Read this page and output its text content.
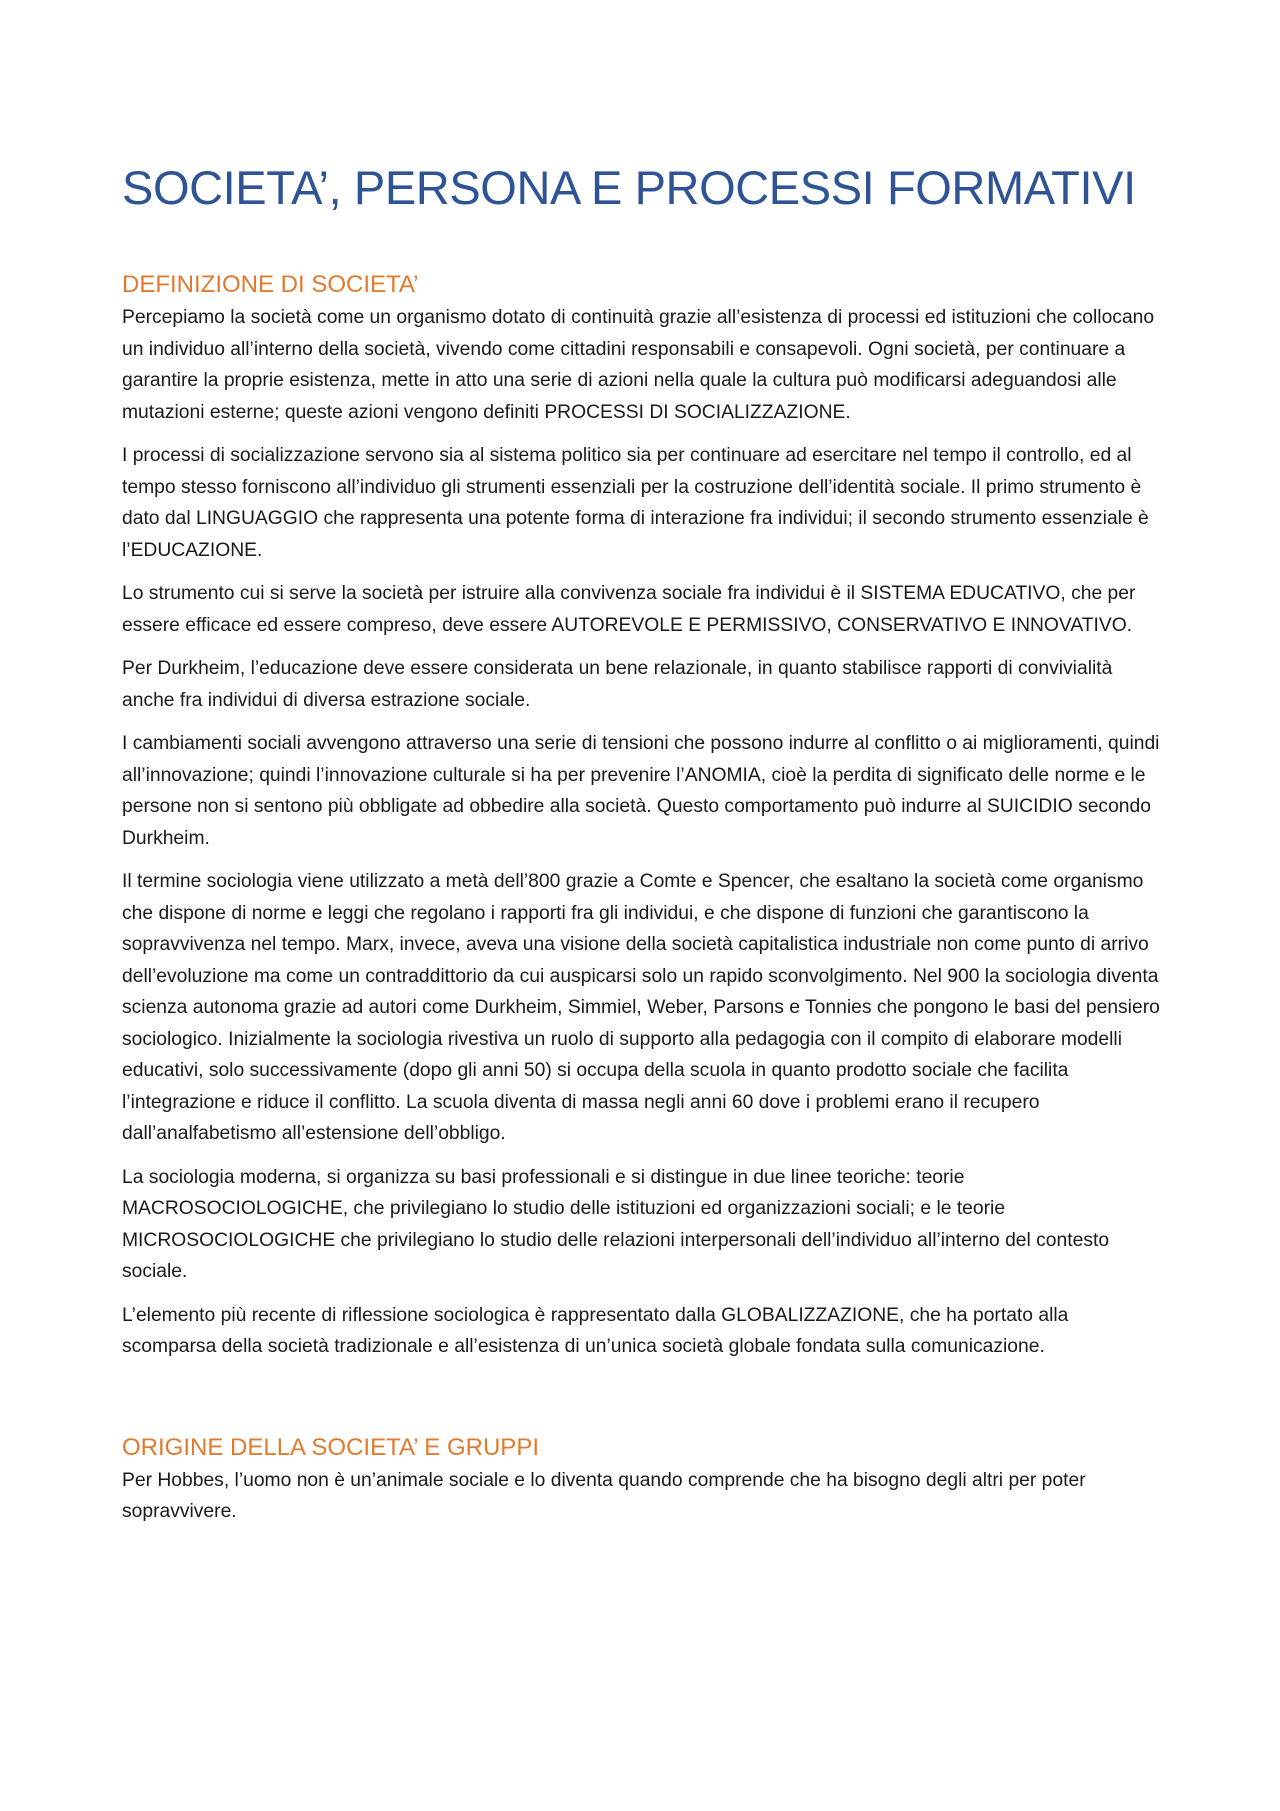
SOCIETA’, PERSONA E PROCESSI FORMATIVI
DEFINIZIONE DI SOCIETA’

Percepiamo la società come un organismo dotato di continuità grazie all’esistenza di processi ed istituzioni che collocano un individuo all’interno della società, vivendo come cittadini responsabili e consapevoli. Ogni società, per continuare a garantire la proprie esistenza, mette in atto una serie di azioni nella quale la cultura può modificarsi adeguandosi alle mutazioni esterne; queste azioni vengono definiti PROCESSI DI SOCIALIZZAZIONE.

I processi di socializzazione servono sia al sistema politico sia per continuare ad esercitare nel tempo il controllo, ed al tempo stesso forniscono all’individuo gli strumenti essenziali per la costruzione dell’identità sociale. Il primo strumento è dato dal LINGUAGGIO che rappresenta una potente forma di interazione fra individui; il secondo strumento essenziale è l’EDUCAZIONE.

Lo strumento cui si serve la società per istruire alla convivenza sociale fra individui è il SISTEMA EDUCATIVO, che per essere efficace ed essere compreso, deve essere AUTOREVOLE E PERMISSIVO, CONSERVATIVO E INNOVATIVO.

Per Durkheim, l’educazione deve essere considerata un bene relazionale, in quanto stabilisce rapporti di convivialità anche fra individui di diversa estrazione sociale.

I cambiamenti sociali avvengono attraverso una serie di tensioni che possono indurre al conflitto o ai miglioramenti, quindi all’innovazione; quindi l’innovazione culturale si ha per prevenire l’ANOMIA, cioè la perdita di significato delle norme e le persone non si sentono più obbligate ad obbedire alla società. Questo comportamento può indurre al SUICIDIO secondo Durkheim.

Il termine sociologia viene utilizzato a metà dell’800 grazie a Comte e Spencer, che esaltano la società come organismo che dispone di norme e leggi che regolano i rapporti fra gli individui, e che dispone di funzioni che garantiscono la sopravvivenza nel tempo. Marx, invece, aveva una visione della società capitalistica industriale non come punto di arrivo dell’evoluzione ma come un contraddittorio da cui auspicarsi solo un rapido sconvolgimento. Nel 900 la sociologia diventa scienza autonoma grazie ad autori come Durkheim, Simmiel, Weber, Parsons e Tonnies che pongono le basi del pensiero sociologico. Inizialmente la sociologia rivestiva un ruolo di supporto alla pedagogia con il compito di elaborare modelli educativi, solo successivamente (dopo gli anni 50) si occupa della scuola in quanto prodotto sociale che facilita l’integrazione e riduce il conflitto. La scuola diventa di massa negli anni 60 dove i problemi erano il recupero dall’analfabetismo all’estensione dell’obbligo.

La sociologia moderna, si organizza su basi professionali e si distingue in due linee teoriche: teorie MACROSOCIOLOGICHE, che privilegiano lo studio delle istituzioni ed organizzazioni sociali; e le teorie MICROSOCIOLOGICHE che privilegiano lo studio delle relazioni interpersonali dell’individuo all’interno del contesto sociale.

L’elemento più recente di riflessione sociologica è rappresentato dalla GLOBALIZZAZIONE, che ha portato alla scomparsa della società tradizionale e all’esistenza di un’unica società globale fondata sulla comunicazione.

ORIGINE DELLA SOCIETA’ E GRUPPI

Per Hobbes, l’uomo non è un’animale sociale e lo diventa quando comprende che ha bisogno degli altri per poter sopravvivere.
